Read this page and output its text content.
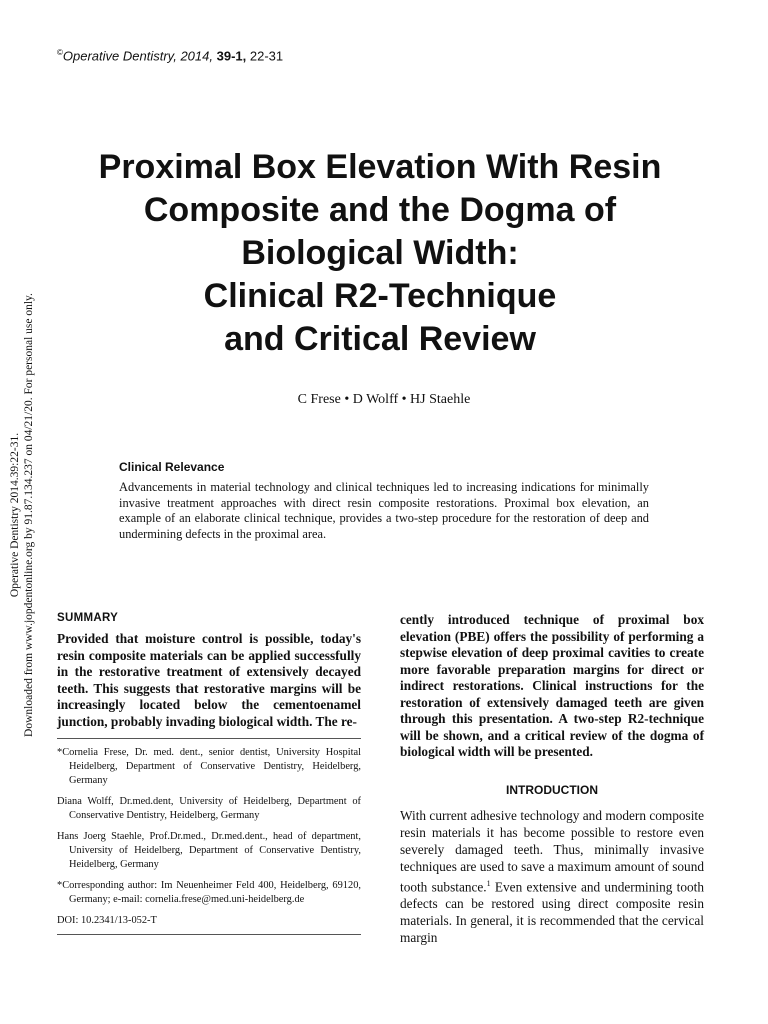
©Operative Dentistry, 2014, 39-1, 22-31
Operative Dentistry 2014.39:22-31. Downloaded from www.jopdentonline.org by 91.87.134.237 on 04/21/20. For personal use only.
Proximal Box Elevation With Resin
Composite and the Dogma of
Biological Width:
Clinical R2-Technique
and Critical Review
C Frese • D Wolff • HJ Staehle
Clinical Relevance

Advancements in material technology and clinical techniques led to increasing indications for minimally invasive treatment approaches with direct resin composite restorations. Proximal box elevation, an example of an elaborate clinical technique, provides a two-step procedure for the restoration of deep and undermining defects in the proximal area.

SUMMARY

Provided that moisture control is possible, today's resin composite materials can be applied successfully in the restorative treatment of extensively decayed teeth. This suggests that restorative margins will be increasingly located below the cementoenamel junction, probably invading biological width. The re-

*Cornelia Frese, Dr. med. dent., senior dentist, University Hospital Heidelberg, Department of Conservative Dentistry, Heidelberg, Germany

Diana Wolff, Dr.med.dent, University of Heidelberg, Department of Conservative Dentistry, Heidelberg, Germany

Hans Joerg Staehle, Prof.Dr.med., Dr.med.dent., head of department, University of Heidelberg, Department of Conservative Dentistry, Heidelberg, Germany

*Corresponding author: Im Neuenheimer Feld 400, Heidelberg, 69120, Germany; e-mail: cornelia.frese@med.uni-heidelberg.de

DOI: 10.2341/13-052-T

cently introduced technique of proximal box elevation (PBE) offers the possibility of performing a stepwise elevation of deep proximal cavities to create more favorable preparation margins for direct or indirect restorations. Clinical instructions for the restoration of extensively damaged teeth are given through this presentation. A two-step R2-technique will be shown, and a critical review of the dogma of biological width will be presented.

INTRODUCTION

With current adhesive technology and modern composite resin materials it has become possible to restore even severely damaged teeth. Thus, minimally invasive techniques are used to save a maximum amount of sound tooth substance.$^1$ Even extensive and undermining tooth defects can be restored using direct composite resin materials. In general, it is recommended that the cervical margin
